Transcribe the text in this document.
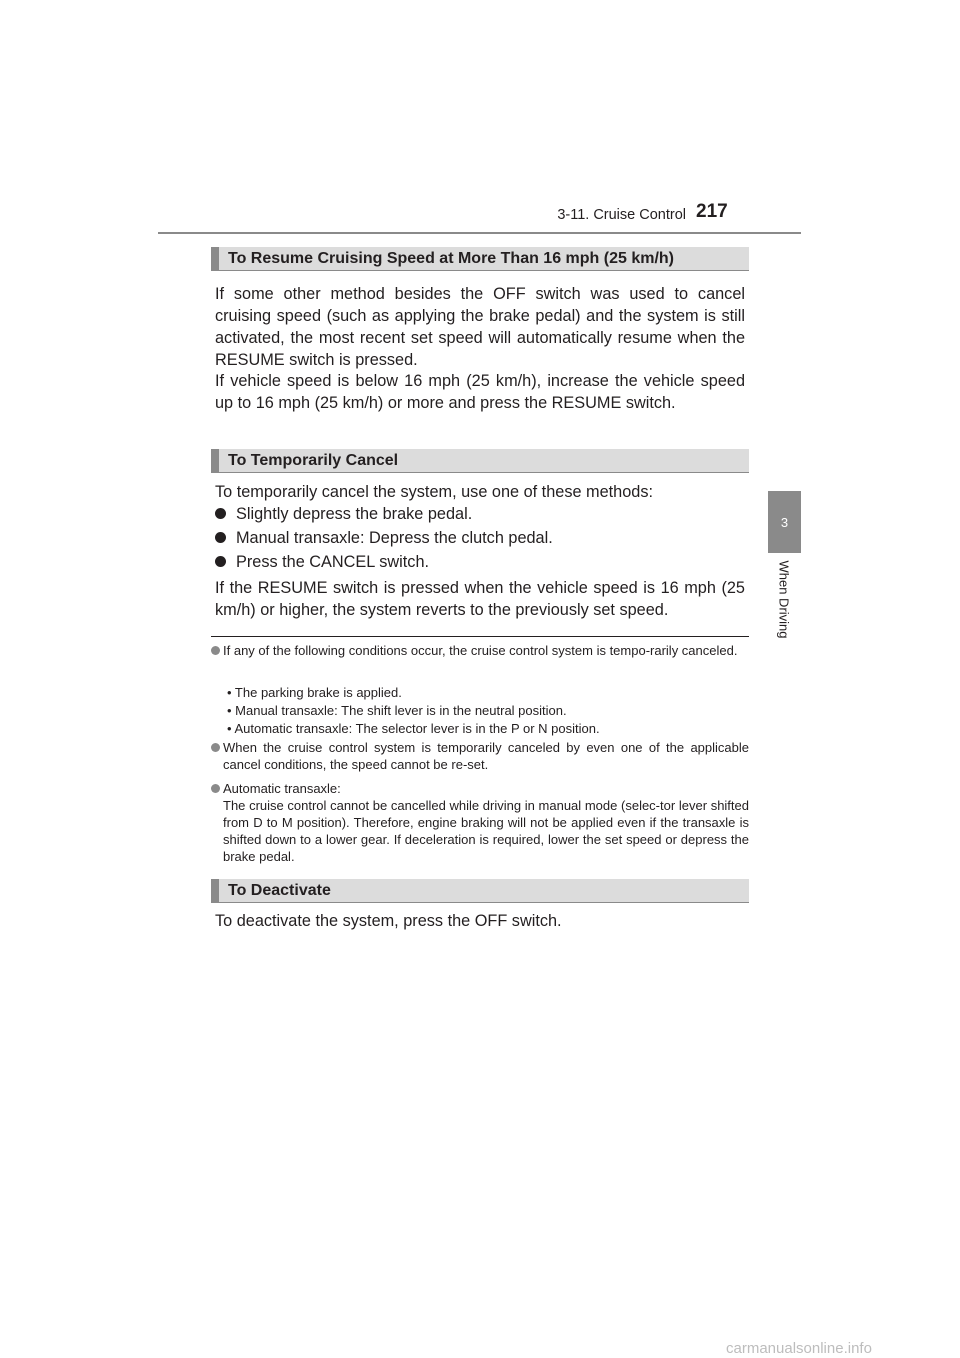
3-11. Cruise Control 217
3
When Driving
To Resume Cruising Speed at More Than 16 mph (25 km/h)

If some other method besides the OFF switch was used to cancel cruising speed (such as applying the brake pedal) and the system is still activated, the most recent set speed will automatically resume when the RESUME switch is pressed.

If vehicle speed is below 16 mph (25 km/h), increase the vehicle speed up to 16 mph (25 km/h) or more and press the RESUME switch.

To Temporarily Cancel

To temporarily cancel the system, use one of these methods:

Slightly depress the brake pedal.
Manual transaxle: Depress the clutch pedal.
Press the CANCEL switch.

If the RESUME switch is pressed when the vehicle speed is 16 mph (25 km/h) or higher, the system reverts to the previously set speed.

If any of the following conditions occur, the cruise control system is tempo-rarily canceled.

• The parking brake is applied.
• Manual transaxle: The shift lever is in the neutral position.
• Automatic transaxle: The selector lever is in the P or N position.

When the cruise control system is temporarily canceled by even one of the applicable cancel conditions, the speed cannot be re-set.

Automatic transaxle:

The cruise control cannot be cancelled while driving in manual mode (selec-tor lever shifted from D to M position). Therefore, engine braking will not be applied even if the transaxle is shifted down to a lower gear. If deceleration is required, lower the set speed or depress the brake pedal.

To Deactivate

To deactivate the system, press the OFF switch.

carmanualsonline.info
